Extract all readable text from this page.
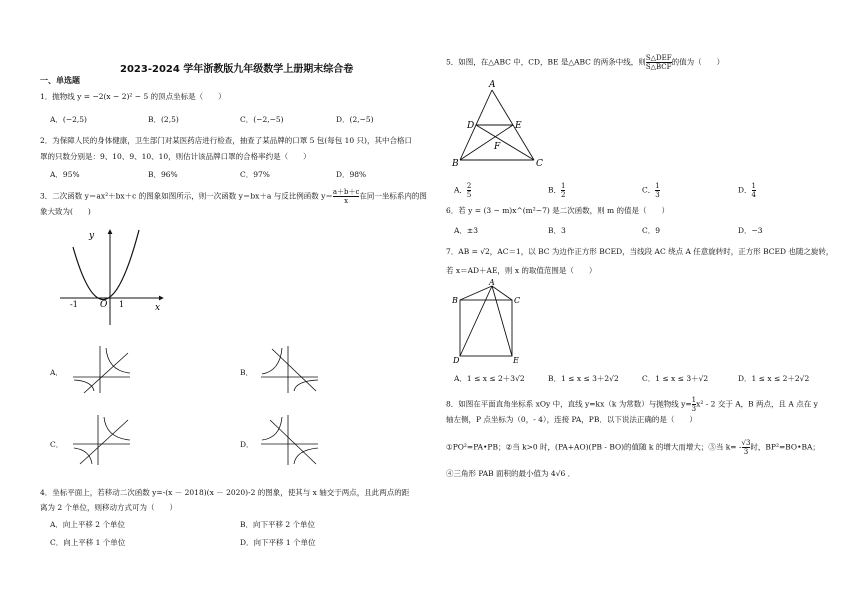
2023-2024 学年浙教版九年级数学上册期末综合卷
一、单选题
1．抛物线 y = −2(x − 2)² − 5 的顶点坐标是（　　）
A．(−2,5)	B．(2,5)	C．(−2,−5)	D．(2,−5)
2．为保障人民的身体健康，卫生部门对某医药店进行检查，抽查了某品牌的口罩 5 包(每包 10 只)，其中合格口
罩的只数分别是：9、10、9、10、10，则估计该品牌口罩的合格率约是（　　）
A．95%	B．96%	C．97%	D．98%
3．二次函数 y＝ax²＋bx＋c 的图象如图所示，则一次函数 y＝bx＋a 与反比例函数 $y= \frac{a+b+c}{x}$ 在同一坐标系内的图
象大致为(　　)
y
x
O
-1	1
A．	B．
C．	D．
4．坐标平面上，若移动二次函数 y=-(x － 2018)(x － 2020)-2 的图象，使其与 x 轴交于两点，且此两点的距
离为 2 个单位，则移动方式可为（　　）
A．向上平移 2 个单位	B．向下平移 2 个单位
C．向上平移 1 个单位	D．向下平移 1 个单位
5．如图，在△ABC 中，CD，BE 是△ABC 的两条中线，则 $\frac{\text{S△DEF}}{\text{S△BCF}}$ 的值为（　　）
A
B	C
D	E
F
A． $\frac{2}{5}$	B． $\frac{1}{2}$	C． $\frac{1}{3}$	D． $\frac{1}{4}$
6．若 y = (3 − m)x^(m²−7) 是二次函数，则 m 的值是（　　）
A．±3	B．3	C．9	D．−3
7．AB = √2，AC＝1，以 BC 为边作正方形 BCED，当线段 AC 绕点 A 任意旋转时，正方形 BCED 也随之旋转，
若 x＝AD＋AE，则 x 的取值范围是（　　）
A
B	C
D	E
A．1 ≤ x ≤ 2＋3√2	B．1 ≤ x ≤ 3＋2√2	C．1 ≤ x ≤ 3＋√2	D．1 ≤ x ≤ 2＋2√2
8．如图在平面直角坐标系 xOy 中，直线 y=kx（k 为常数）与抛物线 $y= \frac{1}{3} x^2 - 2$ 交于 A，B 两点，且 A 点在 y
轴左侧，P 点坐标为（0，- 4），连接 PA，PB．以下说法正确的是（　　）
①PO²=PA•PB；②当 k>0 时，(PA+AO)(PB - BO)的值随 k 的增大而增大；③当 $k= - \frac{√3}{3}$ 时，BP²=BO•BA；
④三角形 PAB 面积的最小值为 4√6 ．
